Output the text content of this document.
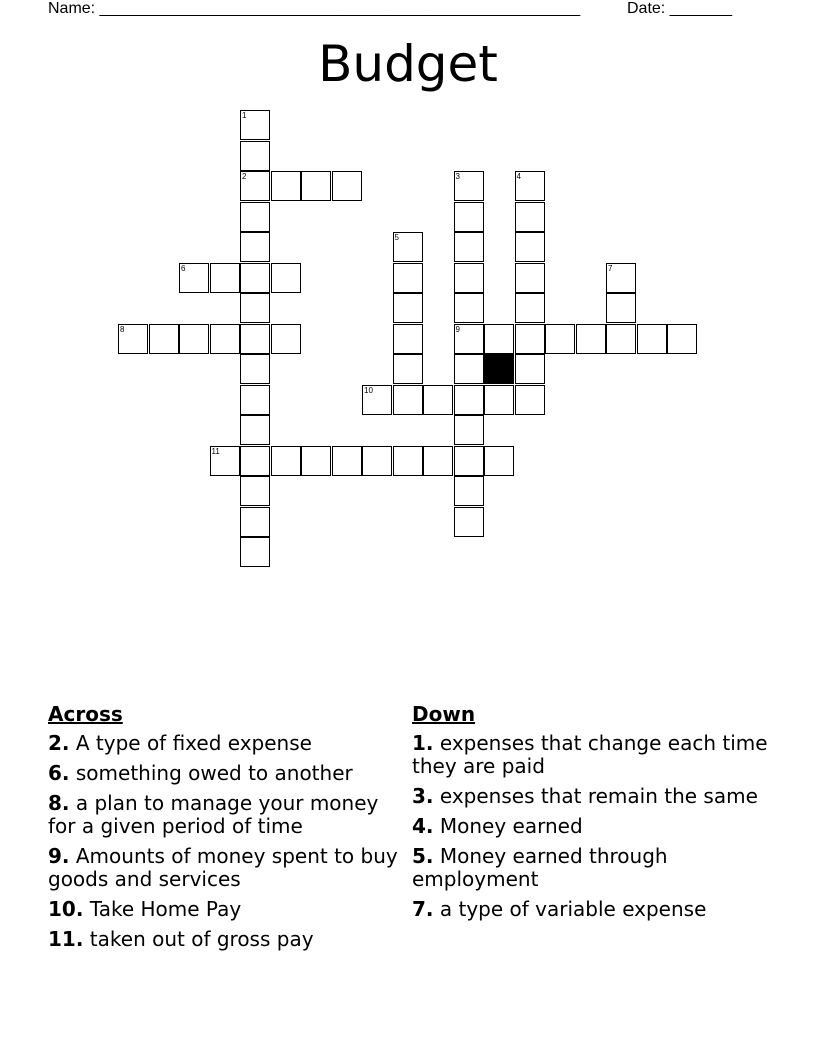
Name: ______________________________________________________	Date: _______
Budget
1
2	3	4
5
6	7
8	9
10
11
Across
2. A type of fixed expense
6. something owed to another
8. a plan to manage your money for a given period of time
9. Amounts of money spent to buy goods and services
10. Take Home Pay
11. taken out of gross pay
Down
1. expenses that change each time they are paid
3. expenses that remain the same
4. Money earned
5. Money earned through employment
7. a type of variable expense
